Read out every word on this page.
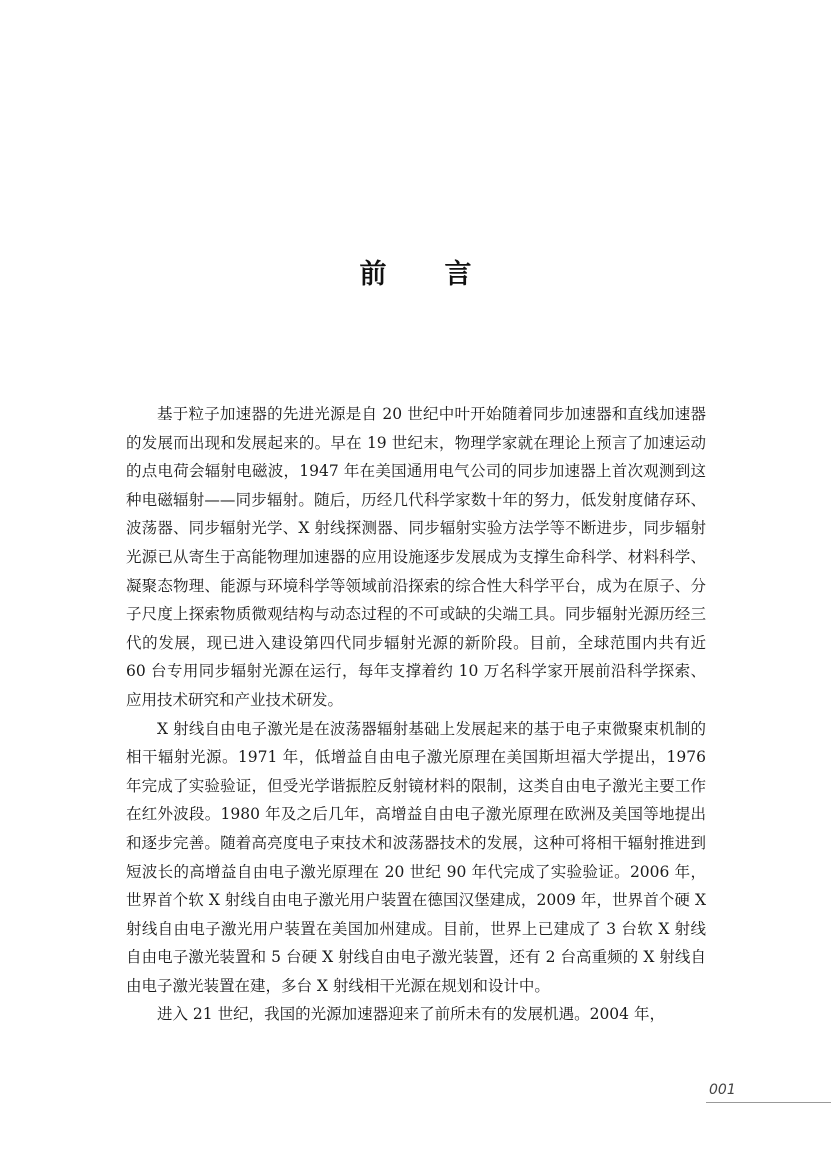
前言

基于粒子加速器的先进光源是自 20 世纪中叶开始随着同步加速器和直线加速器的发展而出现和发展起来的。早在 19 世纪末，物理学家就在理论上预言了加速运动的点电荷会辐射电磁波，1947 年在美国通用电气公司的同步加速器上首次观测到这种电磁辐射——同步辐射。随后，历经几代科学家数十年的努力，低发射度储存环、波荡器、同步辐射光学、X 射线探测器、同步辐射实验方法学等不断进步，同步辐射光源已从寄生于高能物理加速器的应用设施逐步发展成为支撑生命科学、材料科学、凝聚态物理、能源与环境科学等领域前沿探索的综合性大科学平台，成为在原子、分子尺度上探索物质微观结构与动态过程的不可或缺的尖端工具。同步辐射光源历经三代的发展，现已进入建设第四代同步辐射光源的新阶段。目前，全球范围内共有近 60 台专用同步辐射光源在运行，每年支撑着约 10 万名科学家开展前沿科学探索、应用技术研究和产业技术研发。

X 射线自由电子激光是在波荡器辐射基础上发展起来的基于电子束微聚束机制的相干辐射光源。1971 年，低增益自由电子激光原理在美国斯坦福大学提出，1976 年完成了实验验证，但受光学谐振腔反射镜材料的限制，这类自由电子激光主要工作在红外波段。1980 年及之后几年，高增益自由电子激光原理在欧洲及美国等地提出和逐步完善。随着高亮度电子束技术和波荡器技术的发展，这种可将相干辐射推进到短波长的高增益自由电子激光原理在 20 世纪 90 年代完成了实验验证。2006 年，世界首个软 X 射线自由电子激光用户装置在德国汉堡建成，2009 年，世界首个硬 X 射线自由电子激光用户装置在美国加州建成。目前，世界上已建成了 3 台软 X 射线自由电子激光装置和 5 台硬 X 射线自由电子激光装置，还有 2 台高重频的 X 射线自由电子激光装置在建，多台 X 射线相干光源在规划和设计中。

进入 21 世纪，我国的光源加速器迎来了前所未有的发展机遇。2004 年，

001
